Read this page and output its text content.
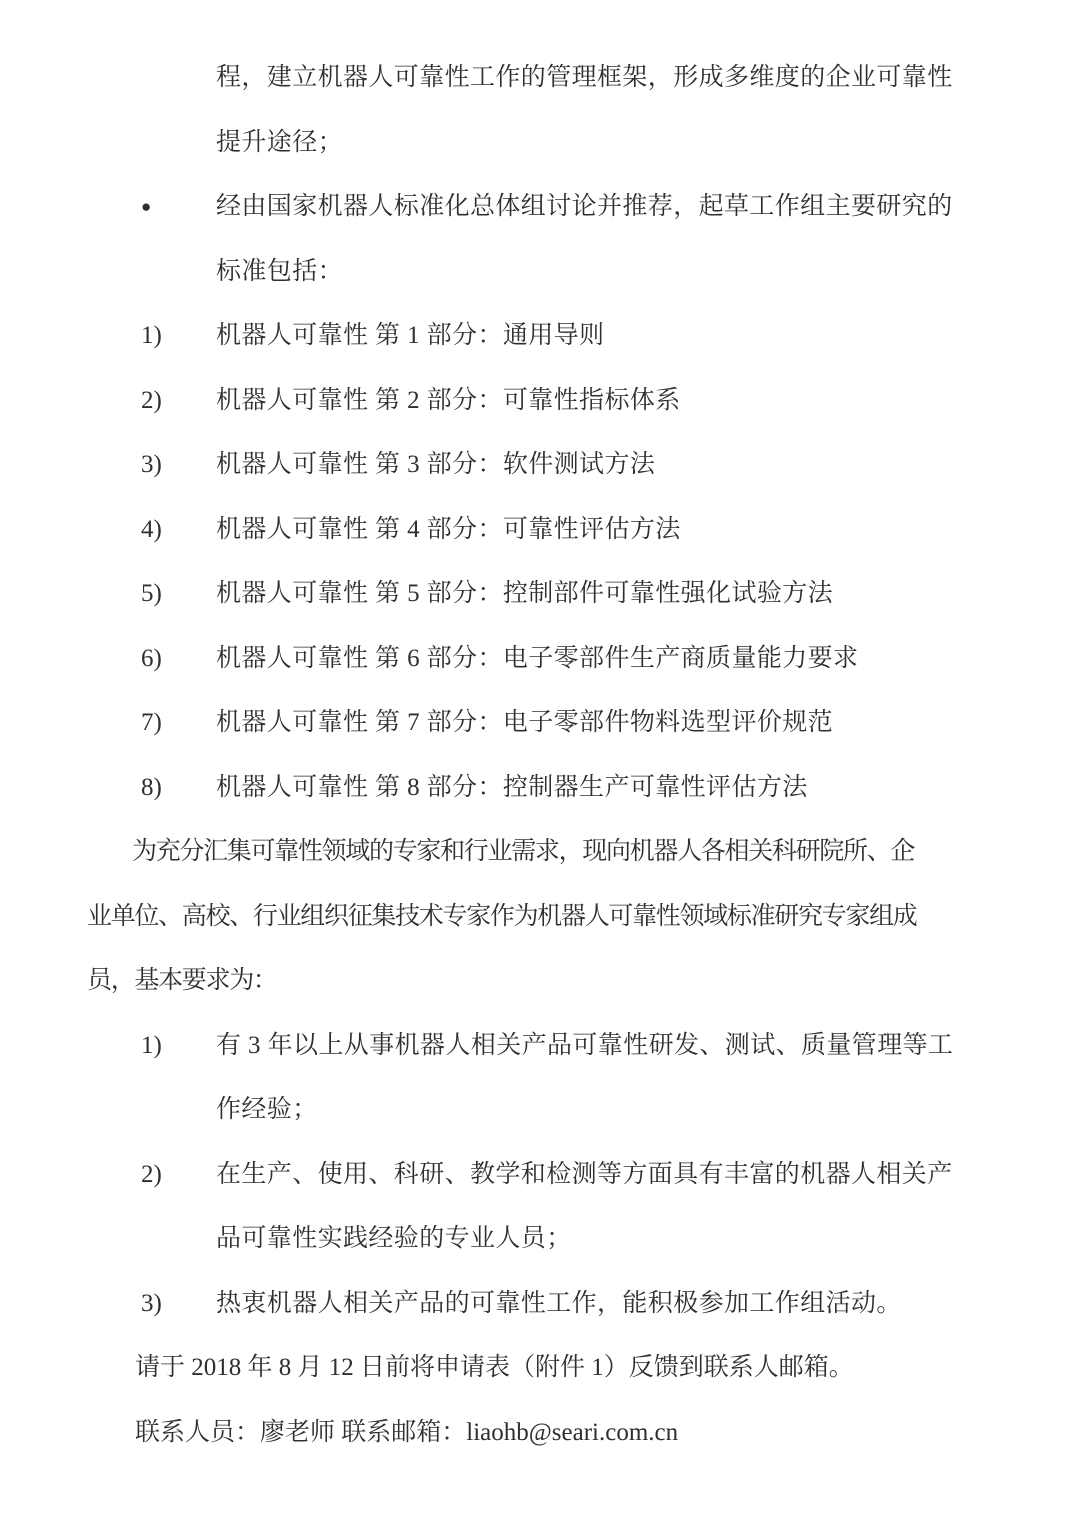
程，建立机器人可靠性工作的管理框架，形成多维度的企业可靠性
提升途径；
●	经由国家机器人标准化总体组讨论并推荐，起草工作组主要研究的
标准包括：
1) 机器人可靠性 第 1 部分：通用导则
2) 机器人可靠性 第 2 部分：可靠性指标体系
3) 机器人可靠性 第 3 部分：软件测试方法
4) 机器人可靠性 第 4 部分：可靠性评估方法
5) 机器人可靠性 第 5 部分：控制部件可靠性强化试验方法
6) 机器人可靠性 第 6 部分：电子零部件生产商质量能力要求
7) 机器人可靠性 第 7 部分：电子零部件物料选型评价规范
8) 机器人可靠性 第 8 部分：控制器生产可靠性评估方法
为充分汇集可靠性领域的专家和行业需求，现向机器人各相关科研院所、企
业单位、高校、行业组织征集技术专家作为机器人可靠性领域标准研究专家组成
员，基本要求为：
1) 有 3 年以上从事机器人相关产品可靠性研发、测试、质量管理等工
作经验；
2) 在生产、使用、科研、教学和检测等方面具有丰富的机器人相关产
品可靠性实践经验的专业人员；
3) 热衷机器人相关产品的可靠性工作，能积极参加工作组活动。
请于 2018 年 8 月 12 日前将申请表（附件 1）反馈到联系人邮箱。
联系人员：廖老师 联系邮箱：liaohb@seari.com.cn
